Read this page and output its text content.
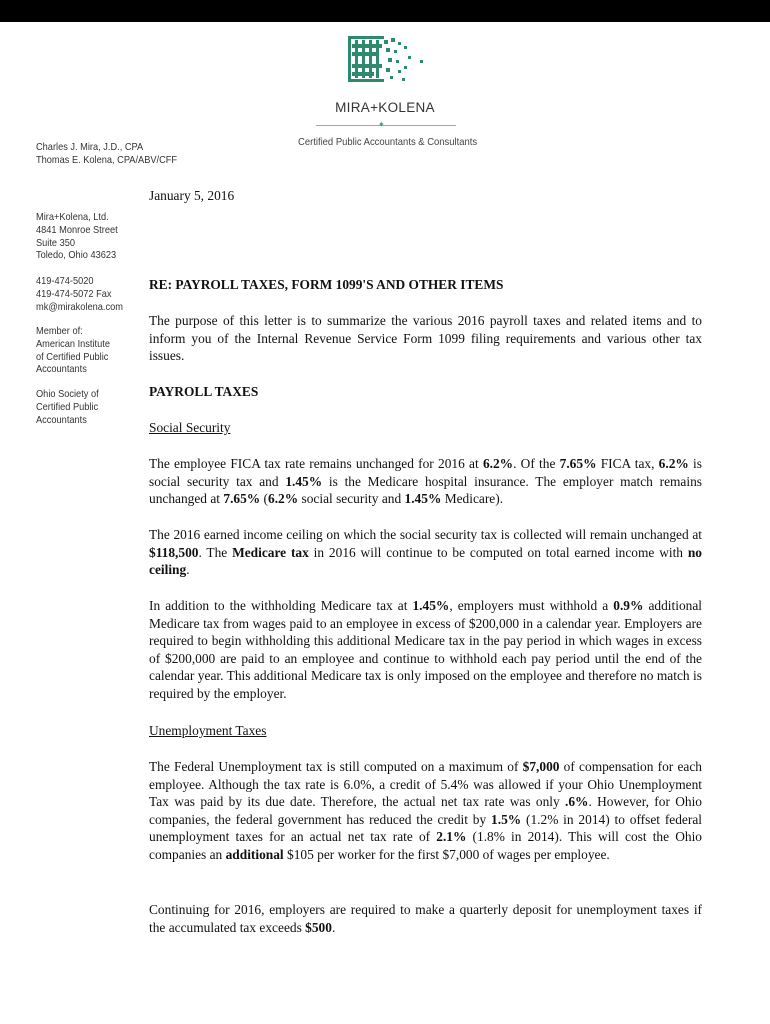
MIRA+KOLENA
✦
Certified Public Accountants & Consultants
Charles J. Mira, J.D., CPA
Thomas E. Kolena, CPA/ABV/CFF
Mira+Kolena, Ltd.
4841 Monroe Street
Suite 350
Toledo, Ohio 43623
419-474-5020
419-474-5072 Fax
mk@mirakolena.com
Member of:
American Institute
of Certified Public
Accountants
Ohio Society of
Certified Public
Accountants
January 5, 2016
RE: PAYROLL TAXES, FORM 1099'S AND OTHER ITEMS
The purpose of this letter is to summarize the various 2016 payroll taxes and related items and to inform you of the Internal Revenue Service Form 1099 filing requirements and various other tax issues.
PAYROLL TAXES
Social Security
The employee FICA tax rate remains unchanged for 2016 at 6.2%. Of the 7.65% FICA tax, 6.2% is social security tax and 1.45% is the Medicare hospital insurance. The employer match remains unchanged at 7.65% (6.2% social security and 1.45% Medicare).
The 2016 earned income ceiling on which the social security tax is collected will remain unchanged at $118,500. The Medicare tax in 2016 will continue to be computed on total earned income with no ceiling.
In addition to the withholding Medicare tax at 1.45%, employers must withhold a 0.9% additional Medicare tax from wages paid to an employee in excess of $200,000 in a calendar year. Employers are required to begin withholding this additional Medicare tax in the pay period in which wages in excess of $200,000 are paid to an employee and continue to withhold each pay period until the end of the calendar year. This additional Medicare tax is only imposed on the employee and therefore no match is required by the employer.
Unemployment Taxes
The Federal Unemployment tax is still computed on a maximum of $7,000 of compensation for each employee. Although the tax rate is 6.0%, a credit of 5.4% was allowed if your Ohio Unemployment Tax was paid by its due date. Therefore, the actual net tax rate was only .6%. However, for Ohio companies, the federal government has reduced the credit by 1.5% (1.2% in 2014) to offset federal unemployment taxes for an actual net tax rate of 2.1% (1.8% in 2014). This will cost the Ohio companies an additional $105 per worker for the first $7,000 of wages per employee.
Continuing for 2016, employers are required to make a quarterly deposit for unemployment taxes if the accumulated tax exceeds $500.
